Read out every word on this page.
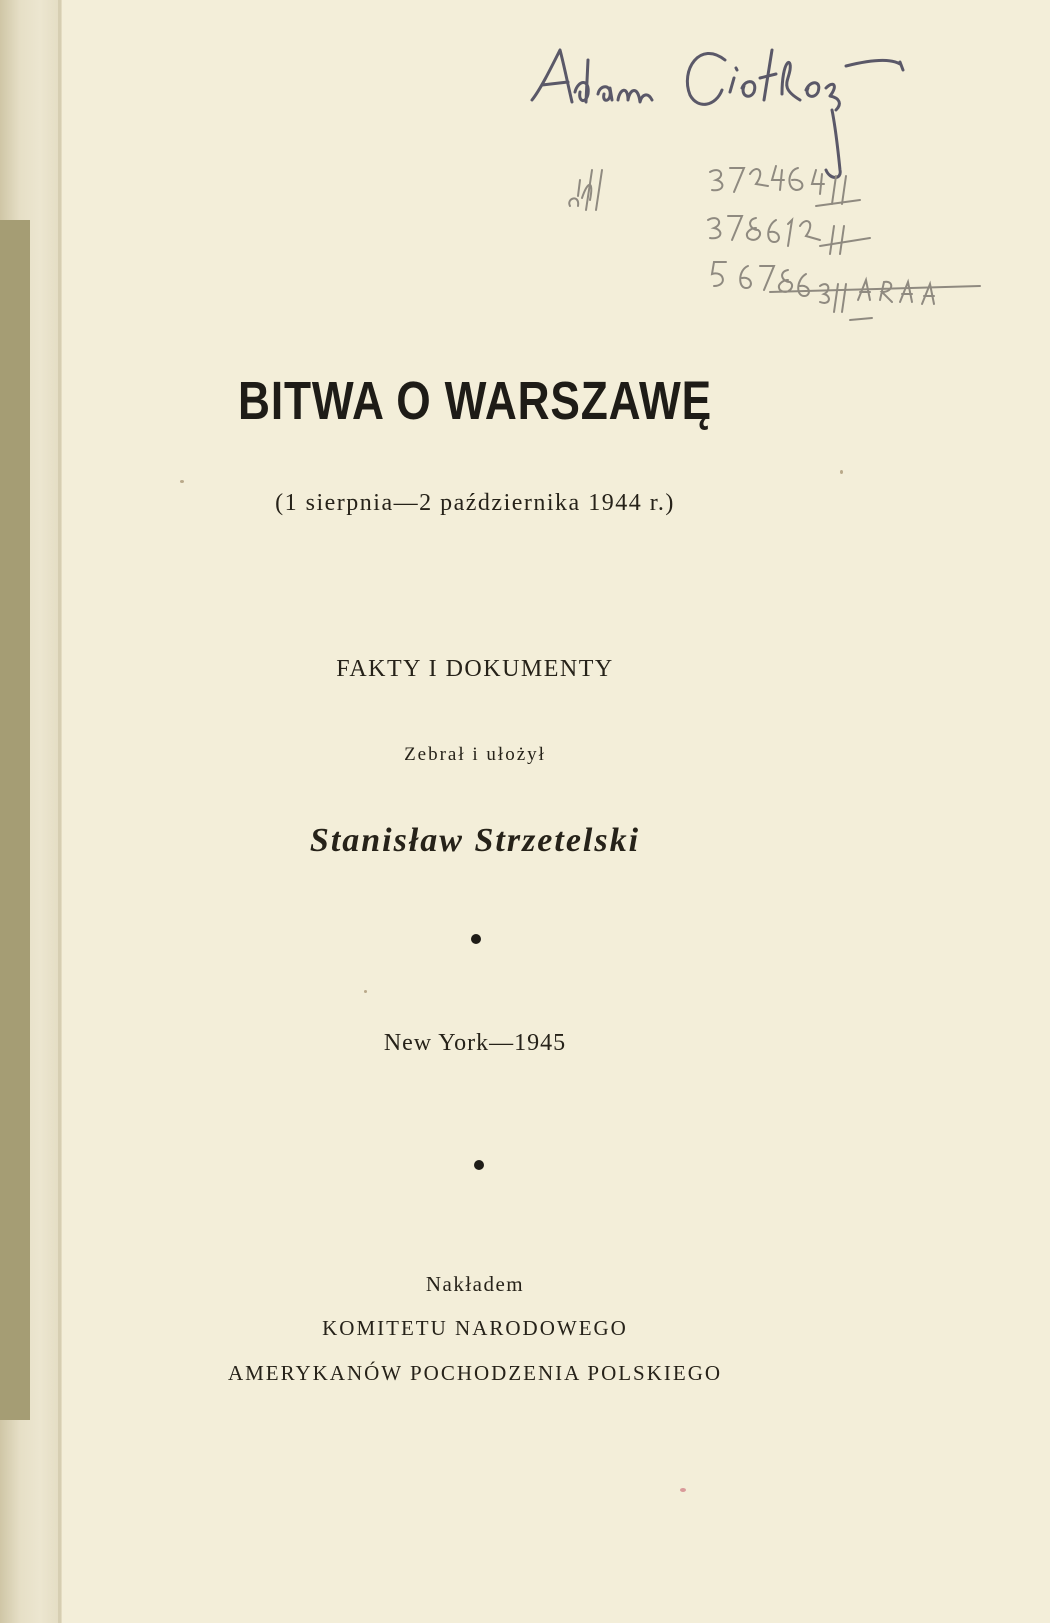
BITWA O WARSZAWĘ

(1 sierpnia—2 października 1944 r.)

FAKTY I DOKUMENTY

Zebrał i ułożył

Stanisław Strzetelski

New York—1945

Nakładem

KOMITETU NARODOWEGO

AMERYKANÓW POCHODZENIA POLSKIEGO
